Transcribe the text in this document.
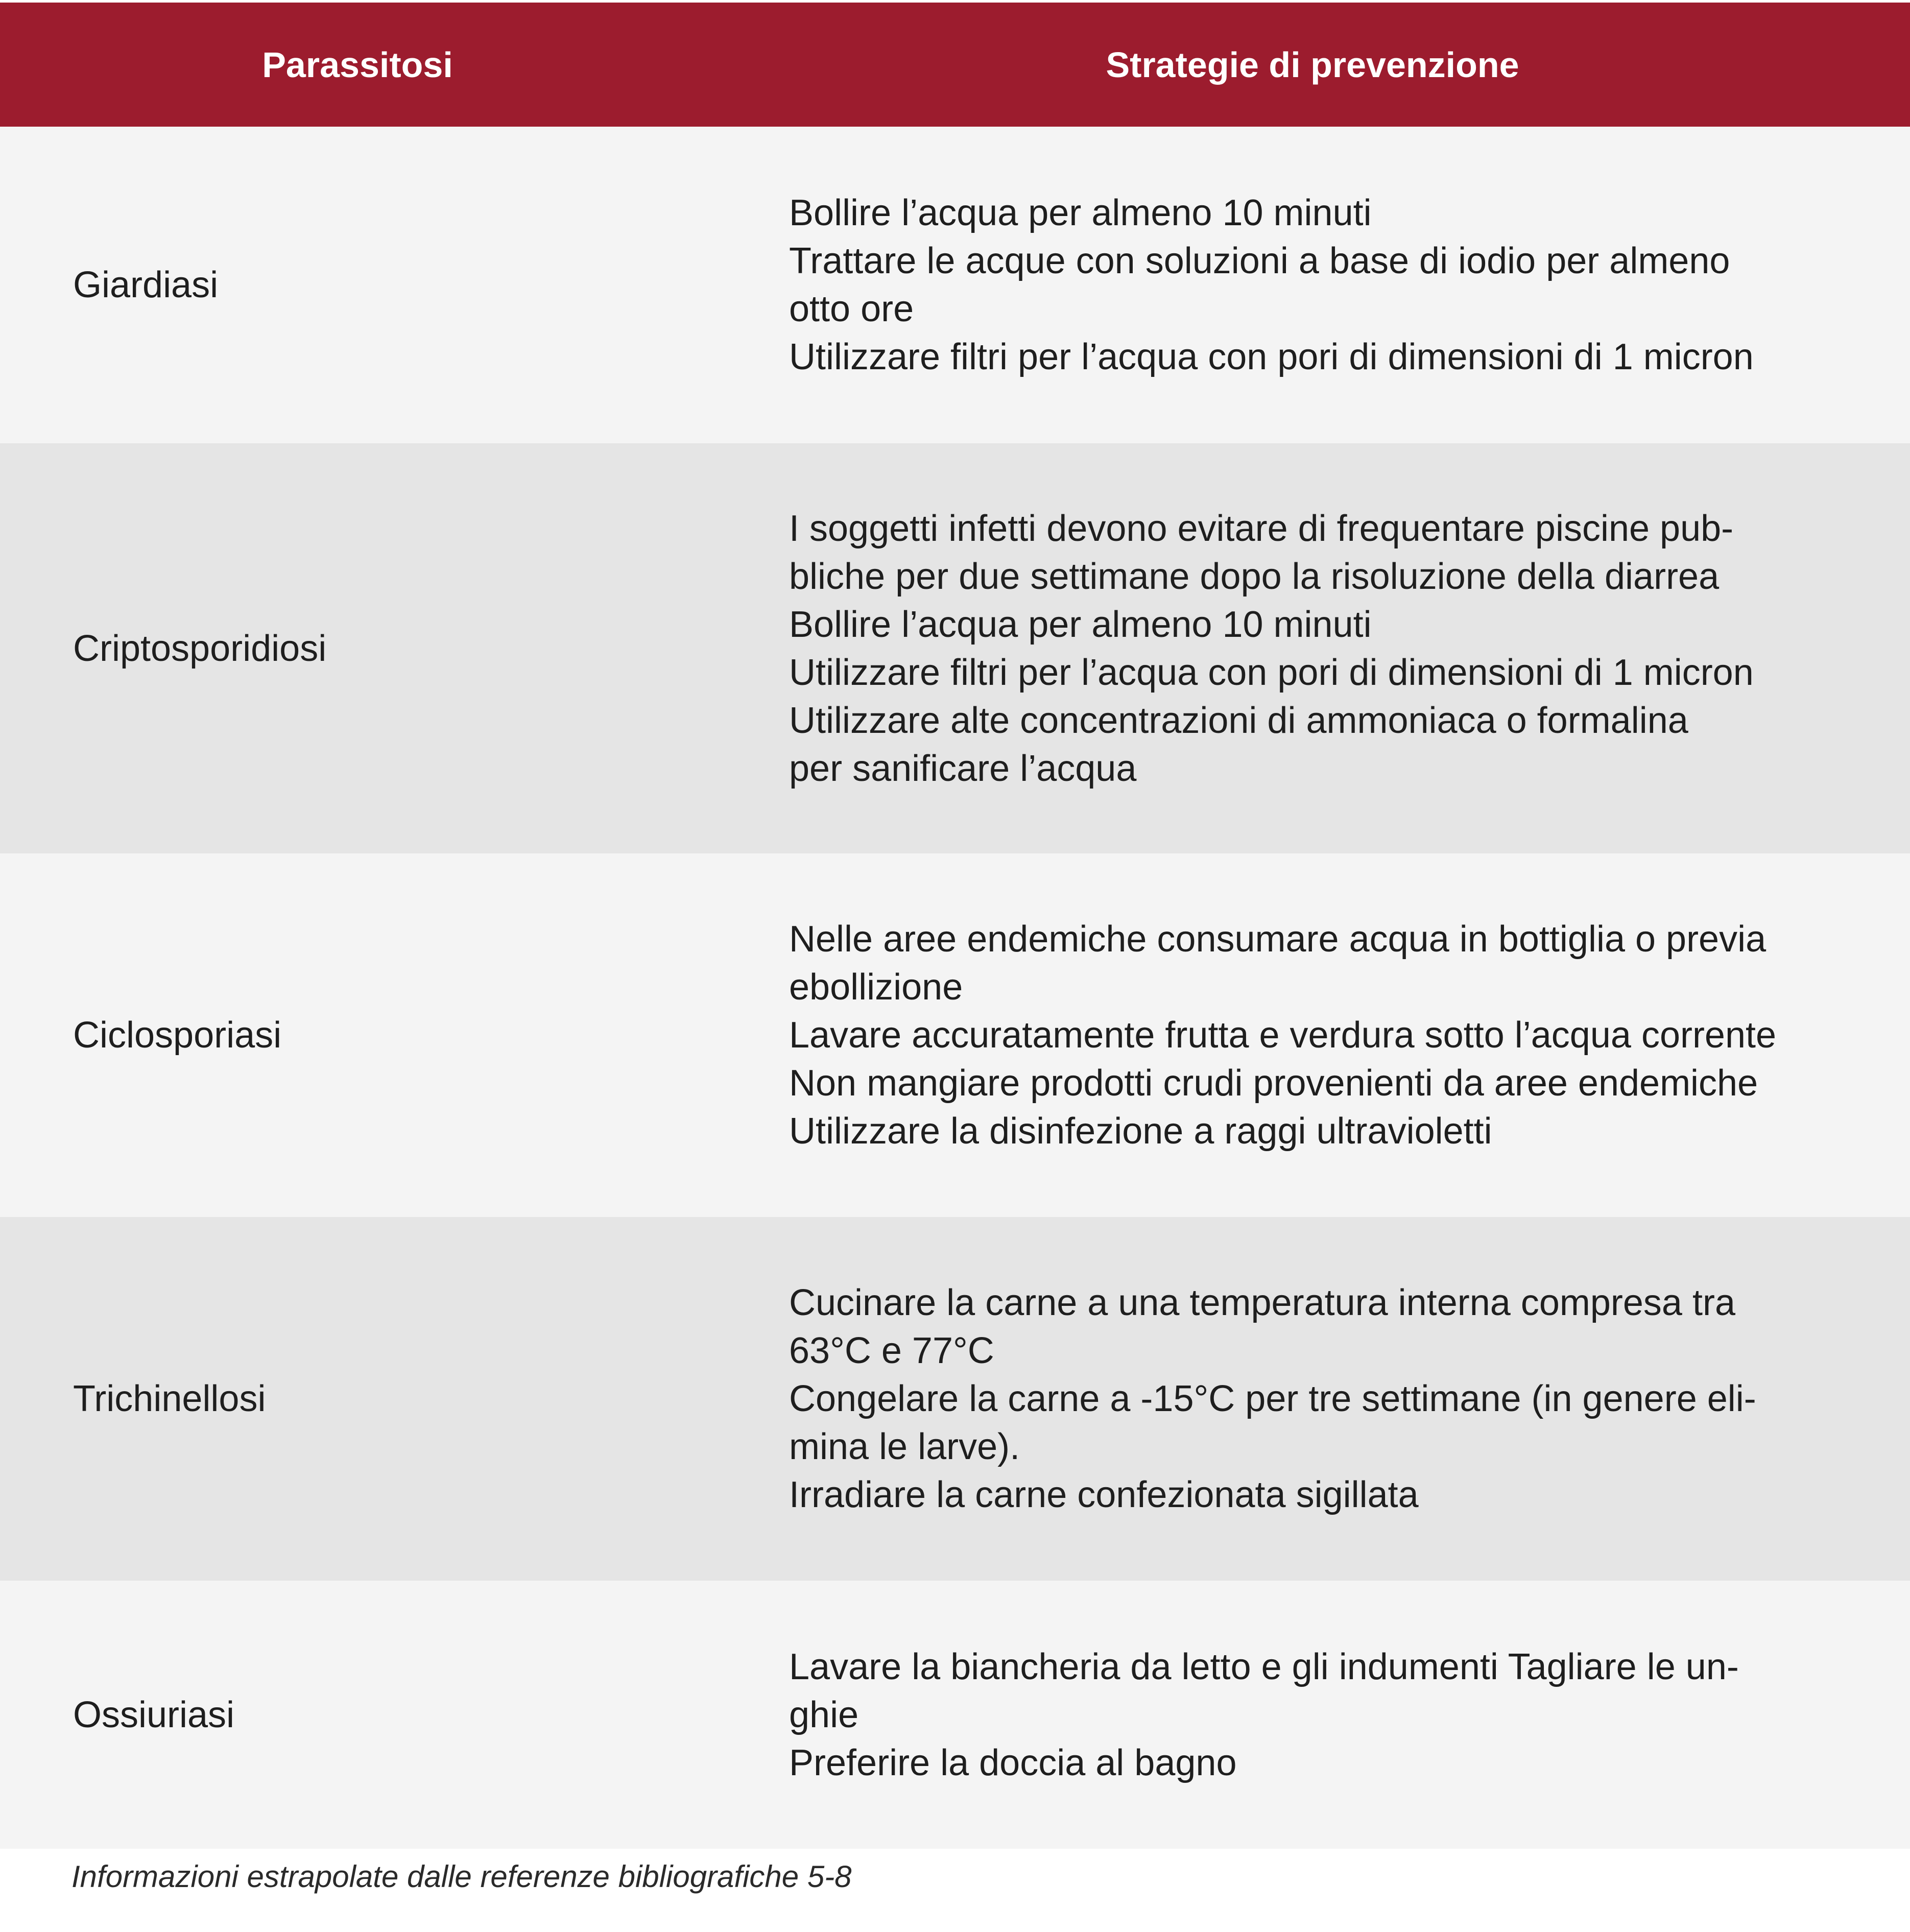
Parassitosi	Strategie di prevenzione
Giardiasi
Bollire l’acqua per almeno 10 minuti
Trattare le acque con soluzioni a base di iodio per almeno
otto ore
Utilizzare filtri per l’acqua con pori di dimensioni di 1 micron
Criptosporidiosi
I soggetti infetti devono evitare di frequentare piscine pub-
bliche per due settimane dopo la risoluzione della diarrea
Bollire l’acqua per almeno 10 minuti
Utilizzare filtri per l’acqua con pori di dimensioni di 1 micron
Utilizzare alte concentrazioni di ammoniaca o formalina
per sanificare l’acqua
Ciclosporiasi
Nelle aree endemiche consumare acqua in bottiglia o previa
ebollizione
Lavare accuratamente frutta e verdura sotto l’acqua corrente
Non mangiare prodotti crudi provenienti da aree endemiche
Utilizzare la disinfezione a raggi ultravioletti
Trichinellosi
Cucinare la carne a una temperatura interna compresa tra
63°C e 77°C
Congelare la carne a -15°C per tre settimane (in genere eli-
mina le larve).
Irradiare la carne confezionata sigillata
Ossiuriasi
Lavare la biancheria da letto e gli indumenti Tagliare le un-
ghie
Preferire la doccia al bagno
Informazioni estrapolate dalle referenze bibliografiche 5-8
